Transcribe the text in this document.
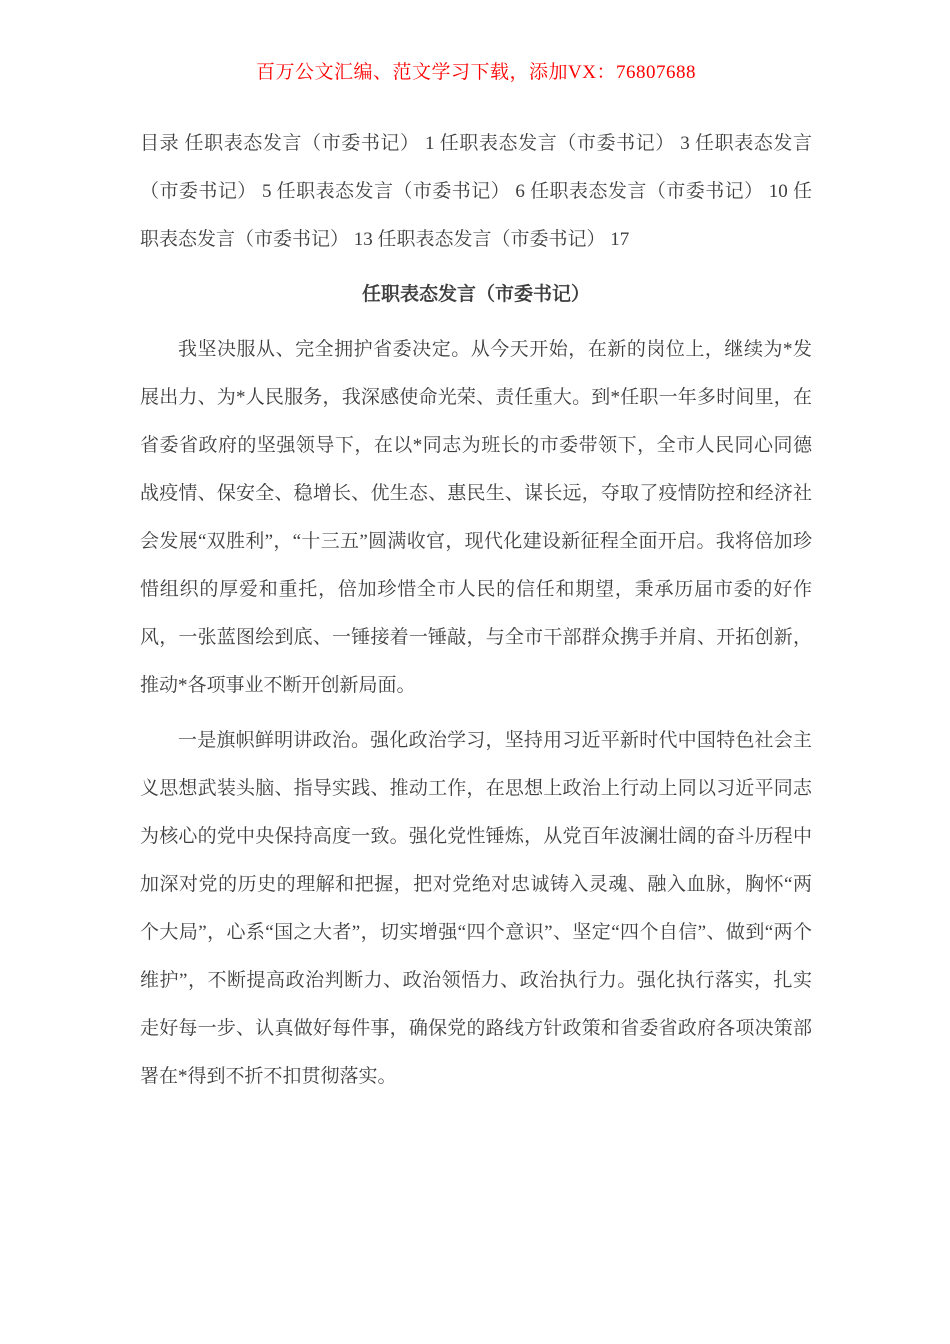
百万公文汇编、范文学习下载，添加VX：76807688

目录 任职表态发言（市委书记） 1 任职表态发言（市委书记） 3 任职表态发言（市委书记） 5 任职表态发言（市委书记） 6 任职表态发言（市委书记） 10 任职表态发言（市委书记） 13 任职表态发言（市委书记） 17

任职表态发言（市委书记）

我坚决服从、完全拥护省委决定。从今天开始，在新的岗位上，继续为*发展出力、为*人民服务，我深感使命光荣、责任重大。到*任职一年多时间里，在省委省政府的坚强领导下，在以*同志为班长的市委带领下，全市人民同心同德战疫情、保安全、稳增长、优生态、惠民生、谋长远，夺取了疫情防控和经济社会发展“双胜利”，“十三五”圆满收官，现代化建设新征程全面开启。我将倍加珍惜组织的厚爱和重托，倍加珍惜全市人民的信任和期望，秉承历届市委的好作风，一张蓝图绘到底、一锤接着一锤敲，与全市干部群众携手并肩、开拓创新，推动*各项事业不断开创新局面。

一是旗帜鲜明讲政治。强化政治学习，坚持用习近平新时代中国特色社会主义思想武装头脑、指导实践、推动工作，在思想上政治上行动上同以习近平同志为核心的党中央保持高度一致。强化党性锤炼，从党百年波澜壮阔的奋斗历程中加深对党的历史的理解和把握，把对党绝对忠诚铸入灵魂、融入血脉，胸怀“两个大局”，心系“国之大者”，切实增强“四个意识”、坚定“四个自信”、做到“两个维护”，不断提高政治判断力、政治领悟力、政治执行力。强化执行落实，扎实走好每一步、认真做好每件事，确保党的路线方针政策和省委省政府各项决策部署在*得到不折不扣贯彻落实。
